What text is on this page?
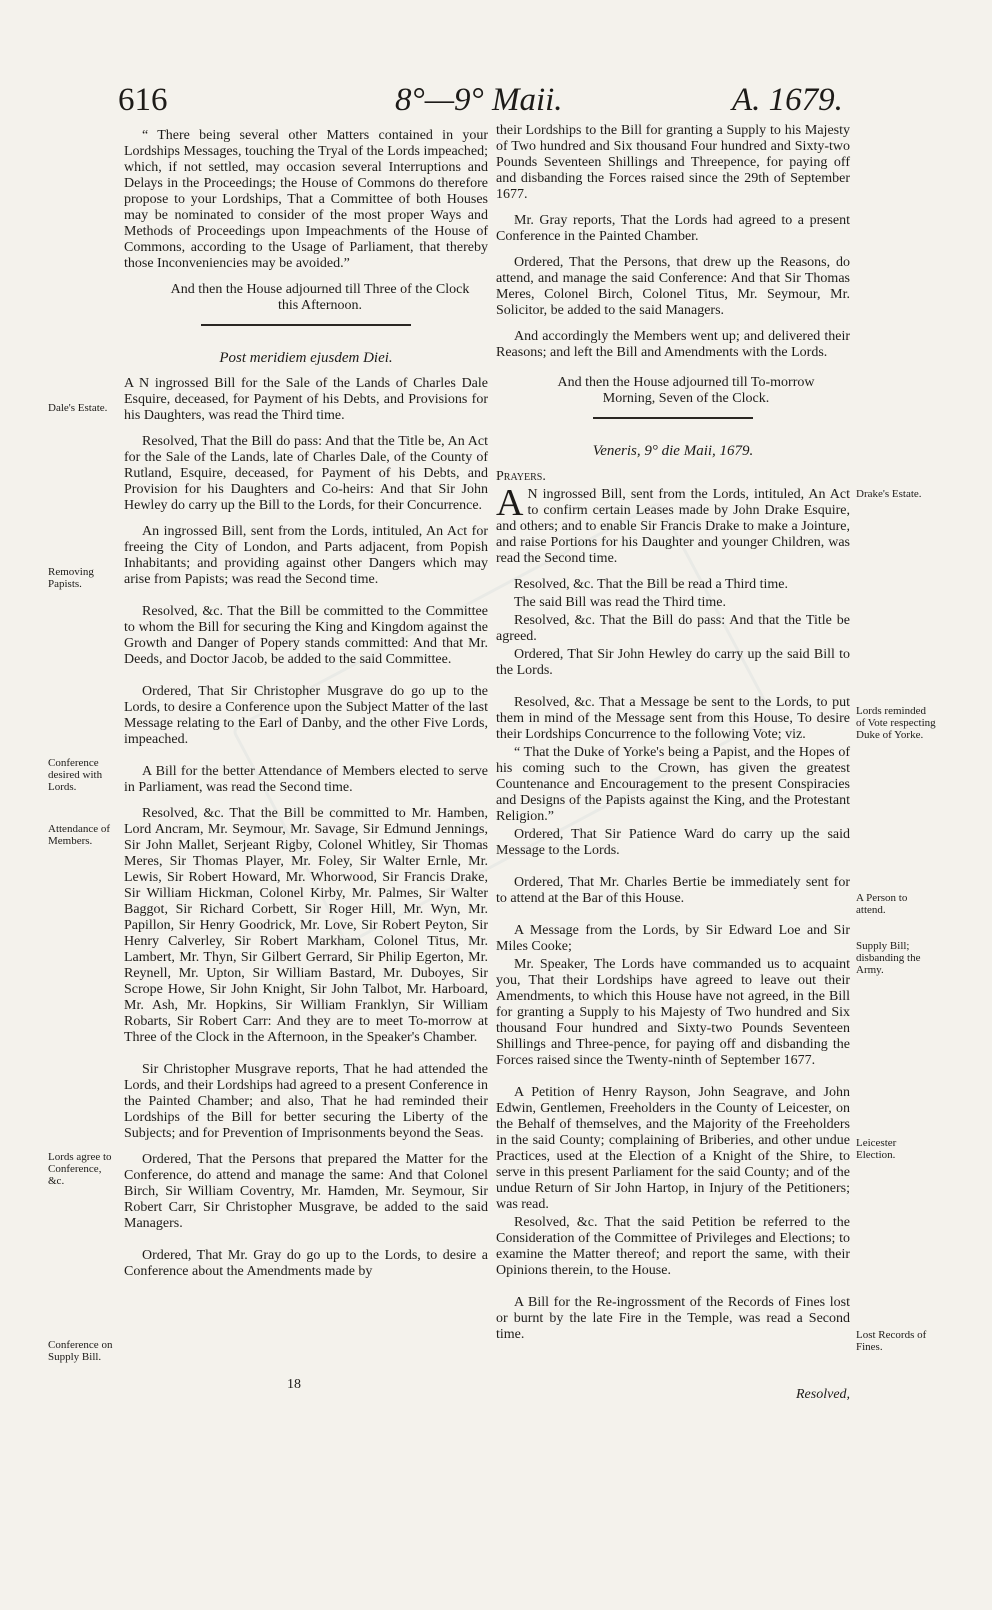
616	8°—9° Maii.	A. 1679.

“ There being several other Matters contained in your Lordships Messages, touching the Tryal of the Lords impeached; which, if not settled, may occasion several Interruptions and Delays in the Proceedings; the House of Commons do therefore propose to your Lordships, That a Committee of both Houses may be nominated to consider of the most proper Ways and Methods of Proceedings upon Impeachments of the House of Commons, according to the Usage of Parliament, that thereby those Inconveniencies may be avoided.”

And then the House adjourned till Three of the Clock this Afternoon.

Post meridiem ejusdem Diei.

A N ingrossed Bill for the Sale of the Lands of Charles Dale Esquire, deceased, for Payment of his Debts, and Provisions for his Daughters, was read the Third time.

Resolved, That the Bill do pass: And that the Title be, An Act for the Sale of the Lands, late of Charles Dale, of the County of Rutland, Esquire, deceased, for Payment of his Debts, and Provision for his Daughters and Co-heirs: And that Sir John Hewley do carry up the Bill to the Lords, for their Concurrence.

An ingrossed Bill, sent from the Lords, intituled, An Act for freeing the City of London, and Parts adjacent, from Popish Inhabitants; and providing against other Dangers which may arise from Papists; was read the Second time.

Resolved, &c. That the Bill be committed to the Committee to whom the Bill for securing the King and Kingdom against the Growth and Danger of Popery stands committed: And that Mr. Deeds, and Doctor Jacob, be added to the said Committee.

Ordered, That Sir Christopher Musgrave do go up to the Lords, to desire a Conference upon the Subject Matter of the last Message relating to the Earl of Danby, and the other Five Lords, impeached.

A Bill for the better Attendance of Members elected to serve in Parliament, was read the Second time.

Resolved, &c. That the Bill be committed to Mr. Hamben, Lord Ancram, Mr. Seymour, Mr. Savage, Sir Edmund Jennings, Sir John Mallet, Serjeant Rigby, Colonel Whitley, Sir Thomas Meres, Sir Thomas Player, Mr. Foley, Sir Walter Ernle, Mr. Lewis, Sir Robert Howard, Mr. Whorwood, Sir Francis Drake, Sir William Hickman, Colonel Kirby, Mr. Palmes, Sir Walter Baggot, Sir Richard Corbett, Sir Roger Hill, Mr. Wyn, Mr. Papillon, Sir Henry Goodrick, Mr. Love, Sir Robert Peyton, Sir Henry Calverley, Sir Robert Markham, Colonel Titus, Mr. Lambert, Mr. Thyn, Sir Gilbert Gerrard, Sir Philip Egerton, Mr. Reynell, Mr. Upton, Sir William Bastard, Mr. Duboyes, Sir Scrope Howe, Sir John Knight, Sir John Talbot, Mr. Harboard, Mr. Ash, Mr. Hopkins, Sir William Franklyn, Sir William Robarts, Sir Robert Carr: And they are to meet To-morrow at Three of the Clock in the Afternoon, in the Speaker's Chamber.

Sir Christopher Musgrave reports, That he had attended the Lords, and their Lordships had agreed to a present Conference in the Painted Chamber; and also, That he had reminded their Lordships of the Bill for better securing the Liberty of the Subjects; and for Prevention of Imprisonments beyond the Seas.

Ordered, That the Persons that prepared the Matter for the Conference, do attend and manage the same: And that Colonel Birch, Sir William Coventry, Mr. Hamden, Mr. Seymour, Sir Robert Carr, Sir Christopher Musgrave, be added to the said Managers.

Ordered, That Mr. Gray do go up to the Lords, to desire a Conference about the Amendments made by

their Lordships to the Bill for granting a Supply to his Majesty of Two hundred and Six thousand Four hundred and Sixty-two Pounds Seventeen Shillings and Threepence, for paying off and disbanding the Forces raised since the 29th of September 1677.

Mr. Gray reports, That the Lords had agreed to a present Conference in the Painted Chamber.

Ordered, That the Persons, that drew up the Reasons, do attend, and manage the said Conference: And that Sir Thomas Meres, Colonel Birch, Colonel Titus, Mr. Seymour, Mr. Solicitor, be added to the said Managers.

And accordingly the Members went up; and delivered their Reasons; and left the Bill and Amendments with the Lords.

And then the House adjourned till To-morrow Morning, Seven of the Clock.

Veneris, 9° die Maii, 1679.

Prayers.

A N ingrossed Bill, sent from the Lords, intituled, An Act to confirm certain Leases made by John Drake Esquire, and others; and to enable Sir Francis Drake to make a Jointure, and raise Portions for his Daughter and younger Children, was read the Second time.

Resolved, &c. That the Bill be read a Third time.

The said Bill was read the Third time.

Resolved, &c. That the Bill do pass: And that the Title be agreed.

Ordered, That Sir John Hewley do carry up the said Bill to the Lords.

Resolved, &c. That a Message be sent to the Lords, to put them in mind of the Message sent from this House, To desire their Lordships Concurrence to the following Vote; viz.

“ That the Duke of Yorke's being a Papist, and the Hopes of his coming such to the Crown, has given the greatest Countenance and Encouragement to the present Conspiracies and Designs of the Papists against the King, and the Protestant Religion.”

Ordered, That Sir Patience Ward do carry up the said Message to the Lords.

Ordered, That Mr. Charles Bertie be immediately sent for to attend at the Bar of this House.

A Message from the Lords, by Sir Edward Loe and Sir Miles Cooke;

Mr. Speaker, The Lords have commanded us to acquaint you, That their Lordships have agreed to leave out their Amendments, to which this House have not agreed, in the Bill for granting a Supply to his Majesty of Two hundred and Six thousand Four hundred and Sixty-two Pounds Seventeen Shillings and Three-pence, for paying off and disbanding the Forces raised since the Twenty-ninth of September 1677.

A Petition of Henry Rayson, John Seagrave, and John Edwin, Gentlemen, Freeholders in the County of Leicester, on the Behalf of themselves, and the Majority of the Freeholders in the said County; complaining of Briberies, and other undue Practices, used at the Election of a Knight of the Shire, to serve in this present Parliament for the said County; and of the undue Return of Sir John Hartop, in Injury of the Petitioners; was read.

Resolved, &c. That the said Petition be referred to the Consideration of the Committee of Privileges and Elections; to examine the Matter thereof; and report the same, with their Opinions therein, to the House.

A Bill for the Re-ingrossment of the Records of Fines lost or burnt by the late Fire in the Temple, was read a Second time.

Dale's Estate.
Removing Papists.
Conference desired with Lords.
Attendance of Members.
Lords agree to Conference, &c.
Conference on Supply Bill.
Drake's Estate.
Lords reminded of Vote respecting Duke of Yorke.
A Person to attend.
Supply Bill; disbanding the Army.
Leicester Election.
Lost Records of Fines.
18
Resolved,
